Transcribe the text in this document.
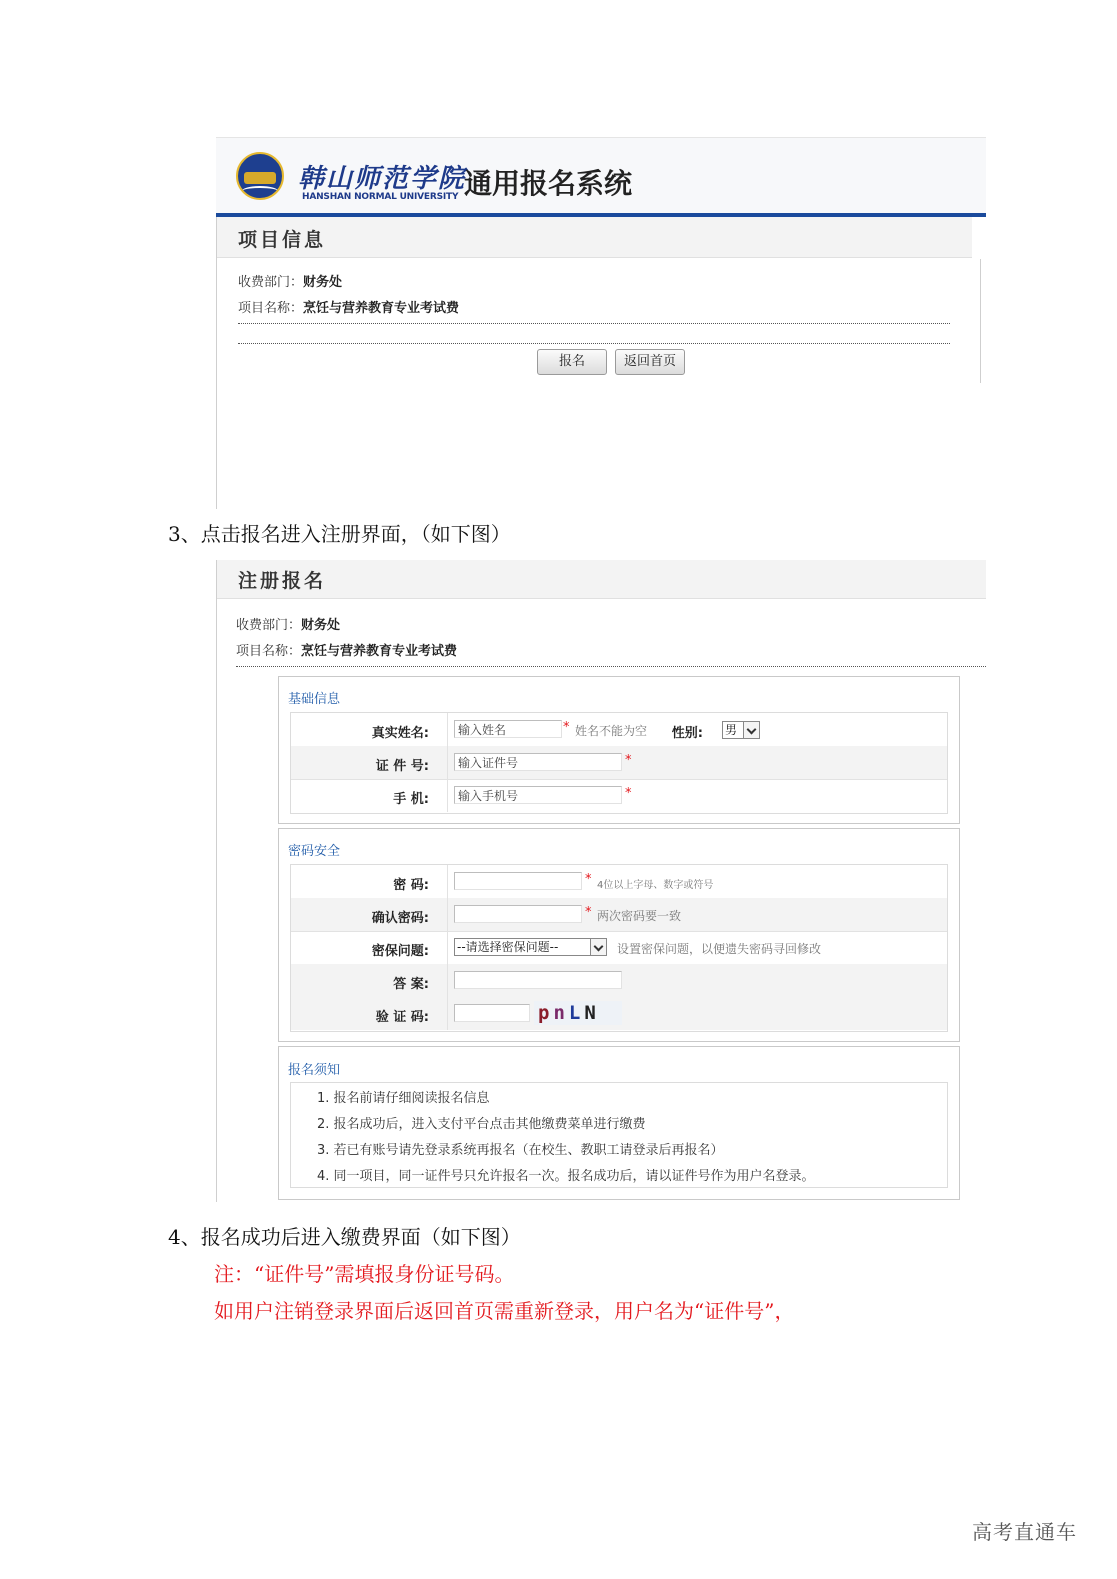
韩山师范学院
HANSHAN NORMAL UNIVERSITY 通用报名系统
项目信息
收费部门：财务处
项目名称：烹饪与营养教育专业考试费
报名	返回首页
3、点击报名进入注册界面，（如下图）
注册报名
收费部门：财务处
项目名称：烹饪与营养教育专业考试费
基础信息
真实姓名:	输入姓名	* 姓名不能为空 性别: 男
证 件 号:	输入证件号	*
手 机:	输入手机号	*
密码安全
密 码:	* 4位以上字母、数字或符号
确认密码:	* 两次密码要一致
密保问题: --请选择密保问题--	设置密保问题，以便遗失密码寻回修改
答 案:
验 证 码:	pnLN
报名须知
1. 报名前请仔细阅读报名信息
2. 报名成功后，进入支付平台点击其他缴费菜单进行缴费
3. 若已有账号请先登录系统再报名（在校生、教职工请登录后再报名）
4. 同一项目，同一证件号只允许报名一次。报名成功后，请以证件号作为用户名登录。
4、报名成功后进入缴费界面（如下图）
注：“证件号”需填报身份证号码。
如用户注销登录界面后返回首页需重新登录，用户名为“证件号”，
高考直通车
